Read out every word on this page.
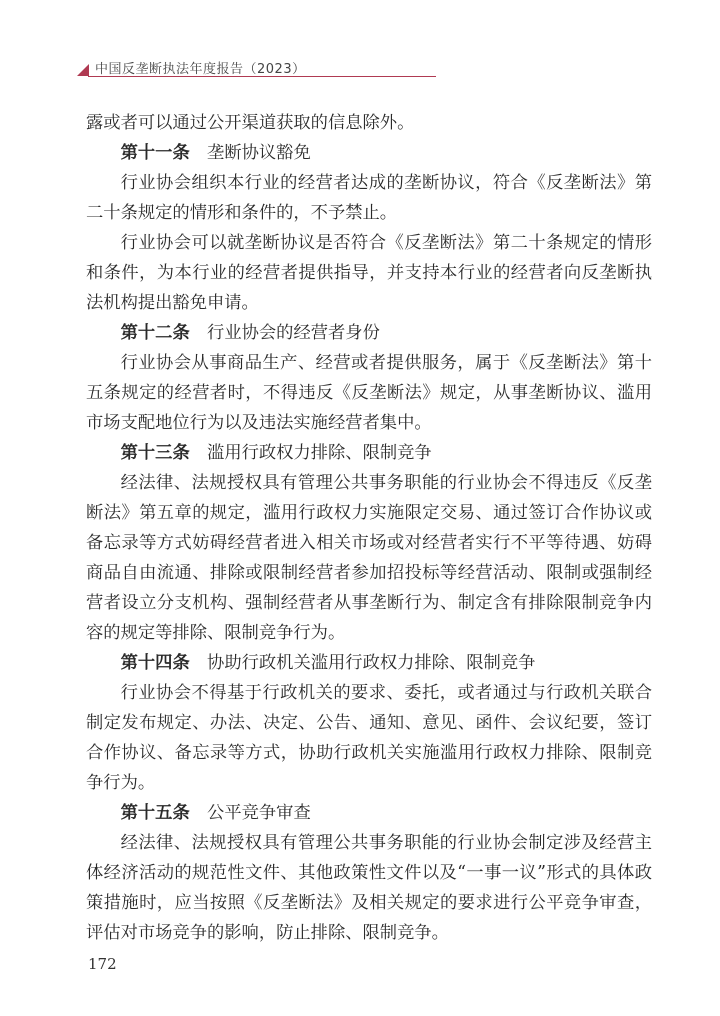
中国反垄断执法年度报告（2023）

露或者可以通过公开渠道获取的信息除外。

第十一条 垄断协议豁免

行业协会组织本行业的经营者达成的垄断协议，符合《反垄断法》第二十条规定的情形和条件的，不予禁止。

行业协会可以就垄断协议是否符合《反垄断法》第二十条规定的情形和条件，为本行业的经营者提供指导，并支持本行业的经营者向反垄断执法机构提出豁免申请。

第十二条 行业协会的经营者身份

行业协会从事商品生产、经营或者提供服务，属于《反垄断法》第十五条规定的经营者时，不得违反《反垄断法》规定，从事垄断协议、滥用市场支配地位行为以及违法实施经营者集中。

第十三条 滥用行政权力排除、限制竞争

经法律、法规授权具有管理公共事务职能的行业协会不得违反《反垄断法》第五章的规定，滥用行政权力实施限定交易、通过签订合作协议或备忘录等方式妨碍经营者进入相关市场或对经营者实行不平等待遇、妨碍商品自由流通、排除或限制经营者参加招投标等经营活动、限制或强制经营者设立分支机构、强制经营者从事垄断行为、制定含有排除限制竞争内容的规定等排除、限制竞争行为。

第十四条 协助行政机关滥用行政权力排除、限制竞争

行业协会不得基于行政机关的要求、委托，或者通过与行政机关联合制定发布规定、办法、决定、公告、通知、意见、函件、会议纪要，签订合作协议、备忘录等方式，协助行政机关实施滥用行政权力排除、限制竞争行为。

第十五条 公平竞争审查

经法律、法规授权具有管理公共事务职能的行业协会制定涉及经营主体经济活动的规范性文件、其他政策性文件以及“一事一议”形式的具体政策措施时，应当按照《反垄断法》及相关规定的要求进行公平竞争审查，评估对市场竞争的影响，防止排除、限制竞争。

172
